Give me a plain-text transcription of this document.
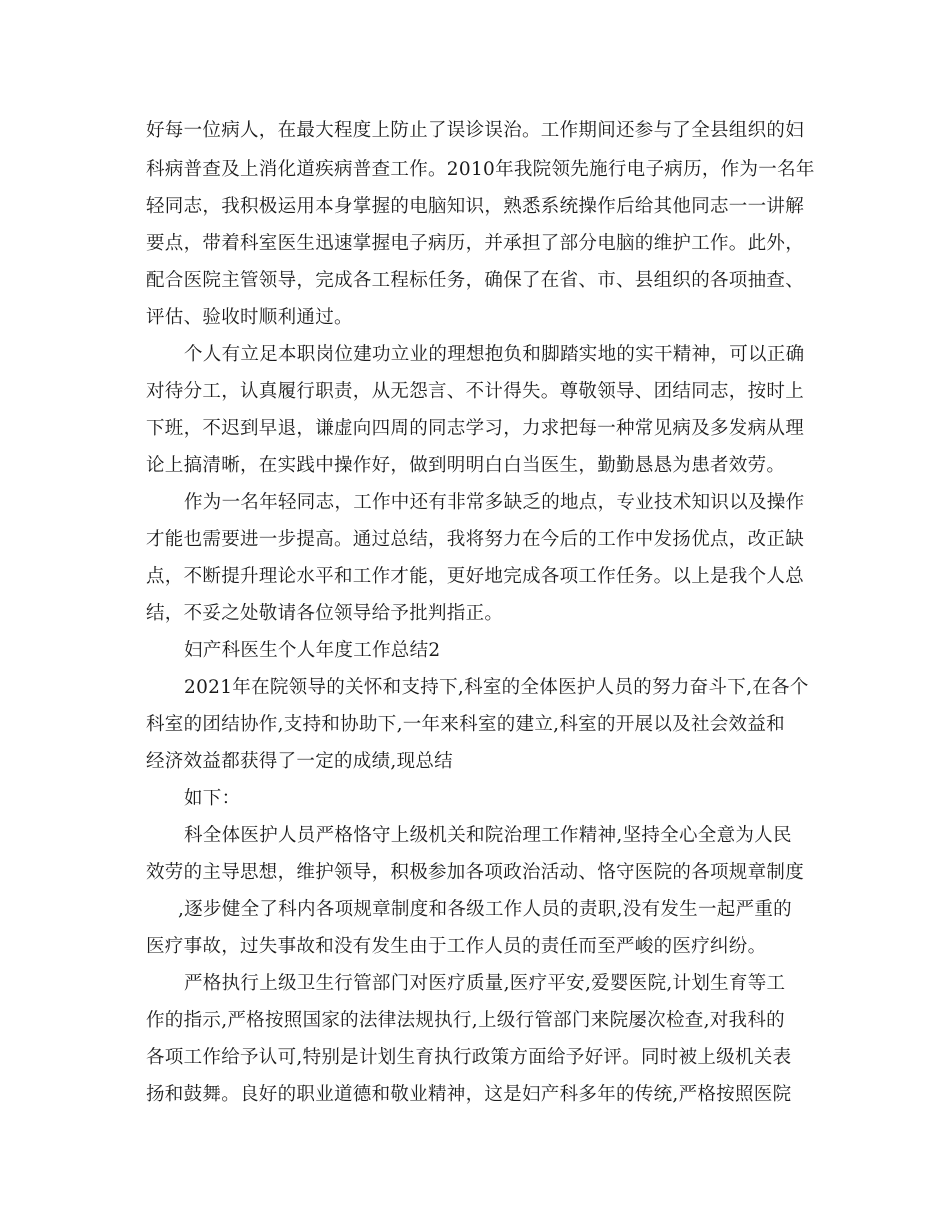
好每一位病人，在最大程度上防止了误诊误治。工作期间还参与了全县组织的妇
科病普查及上消化道疾病普查工作。2010年我院领先施行电子病历，作为一名年
轻同志，我积极运用本身掌握的电脑知识，熟悉系统操作后给其他同志一一讲解
要点，带着科室医生迅速掌握电子病历，并承担了部分电脑的维护工作。此外，
配合医院主管领导，完成各工程标任务，确保了在省、市、县组织的各项抽查、
评估、验收时顺利通过。
个人有立足本职岗位建功立业的理想抱负和脚踏实地的实干精神，可以正确
对待分工，认真履行职责，从无怨言、不计得失。尊敬领导、团结同志，按时上
下班，不迟到早退，谦虚向四周的同志学习，力求把每一种常见病及多发病从理
论上搞清晰，在实践中操作好，做到明明白白当医生，勤勤恳恳为患者效劳。
作为一名年轻同志，工作中还有非常多缺乏的地点，专业技术知识以及操作
才能也需要进一步提高。通过总结，我将努力在今后的工作中发扬优点，改正缺
点，不断提升理论水平和工作才能，更好地完成各项工作任务。以上是我个人总
结，不妥之处敬请各位领导给予批判指正。
妇产科医生个人年度工作总结2
2021年在院领导的关怀和支持下,科室的全体医护人员的努力奋斗下,在各个
科室的团结协作,支持和协助下,一年来科室的建立,科室的开展以及社会效益和
经济效益都获得了一定的成绩,现总结
如下：
科全体医护人员严格恪守上级机关和院治理工作精神,坚持全心全意为人民
效劳的主导思想，维护领导，积极参加各项政治活动、恪守医院的各项规章制度
,逐步健全了科内各项规章制度和各级工作人员的责职,没有发生一起严重的
医疗事故，过失事故和没有发生由于工作人员的责任而至严峻的医疗纠纷。
严格执行上级卫生行管部门对医疗质量,医疗平安,爱婴医院,计划生育等工
作的指示,严格按照国家的法律法规执行,上级行管部门来院屡次检查,对我科的
各项工作给予认可,特别是计划生育执行政策方面给予好评。同时被上级机关表
扬和鼓舞。良好的职业道德和敬业精神，这是妇产科多年的传统,严格按照医院
